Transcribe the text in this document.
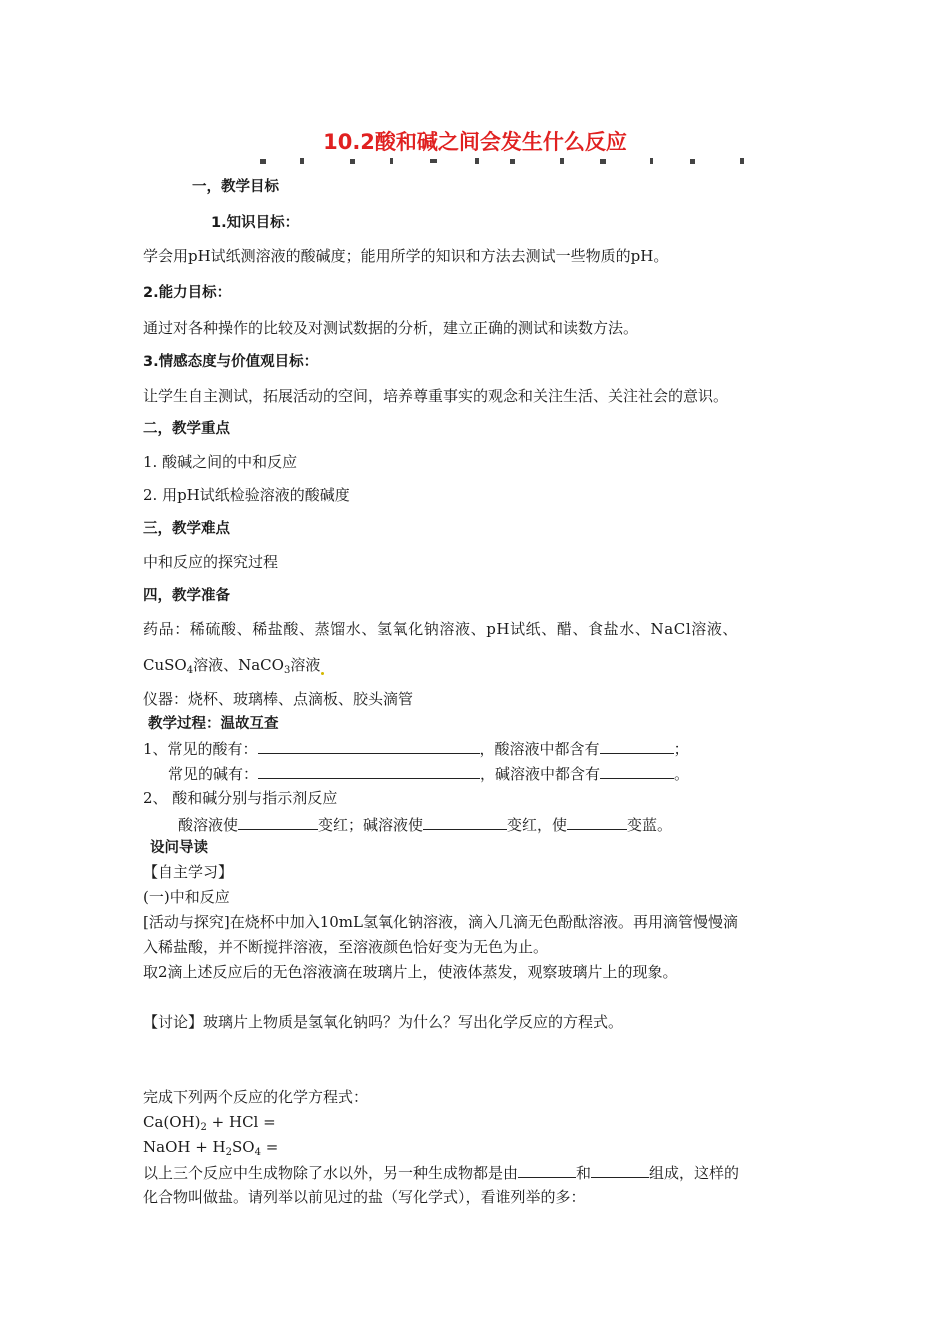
10.2酸和碱之间会发生什么反应
一，教学目标
1.知识目标：
学会用pH试纸测溶液的酸碱度；能用所学的知识和方法去测试一些物质的pH。
2.能力目标：
通过对各种操作的比较及对测试数据的分析，建立正确的测试和读数方法。
3.情感态度与价值观目标：
让学生自主测试，拓展活动的空间，培养尊重事实的观念和关注生活、关注社会的意识。
二，教学重点
1. 酸碱之间的中和反应
2. 用pH试纸检验溶液的酸碱度
三，教学难点
中和反应的探究过程
四，教学准备
药品：稀硫酸、稀盐酸、蒸馏水、氢氧化钠溶液、pH试纸、醋、食盐水、NaCl溶液、
CuSO$_4$溶液、NaCO$_3$溶液
仪器：烧杯、玻璃棒、点滴板、胶头滴管
教学过程：温故互查
1、常见的酸有：	，酸溶液中都含有	；
常见的碱有：	，碱溶液中都含有	。
2、 酸和碱分别与指示剂反应
酸溶液使	变红；碱溶液使	变红，使	变蓝。
设问导读
【自主学习】
(一)中和反应
[活动与探究]在烧杯中加入10mL氢氧化钠溶液，滴入几滴无色酚酞溶液。再用滴管慢慢滴
入稀盐酸，并不断搅拌溶液，至溶液颜色恰好变为无色为止。
取2滴上述反应后的无色溶液滴在玻璃片上，使液体蒸发，观察玻璃片上的现象。
【讨论】玻璃片上物质是氢氧化钠吗？为什么？写出化学反应的方程式。
完成下列两个反应的化学方程式：
$Ca(OH)_2$ + HCl =
NaOH + $H_2SO_4$ =
以上三个反应中生成物除了水以外，另一种生成物都是由	和	组成，这样的
化合物叫做盐。请列举以前见过的盐（写化学式），看谁列举的多：
